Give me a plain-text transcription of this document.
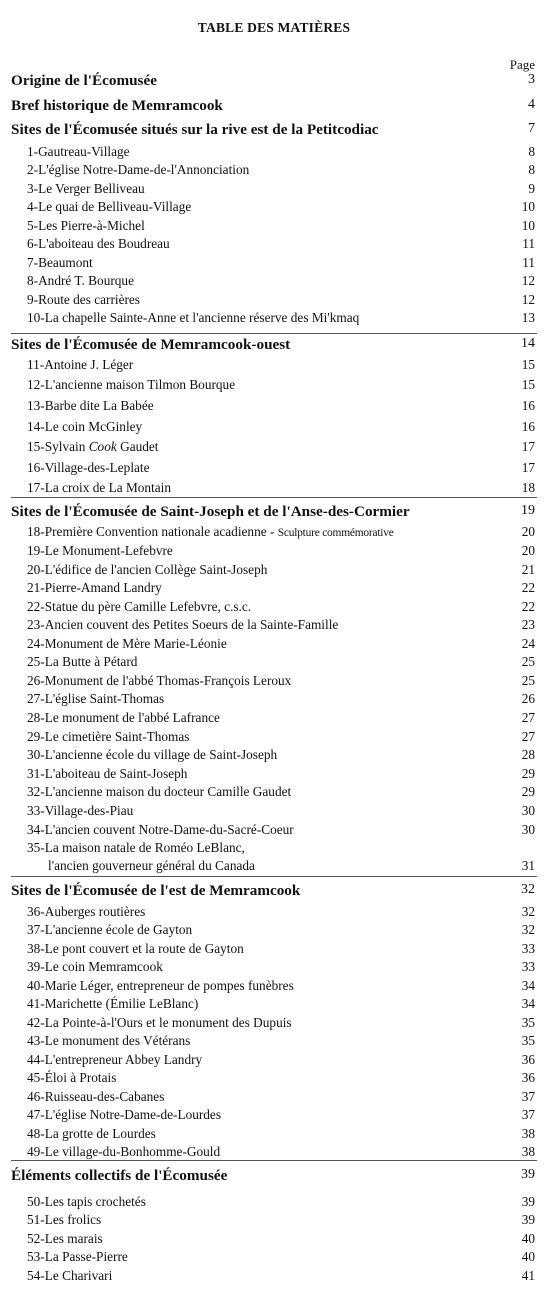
TABLE DES MATIÈRES
Page
Origine de l'Écomusée	3
Bref historique de Memramcook	4
Sites de l'Écomusée situés sur la rive est de la Petitcodiac	7
1-Gautreau-Village	8
2-L'église Notre-Dame-de-l'Annonciation	8
3-Le Verger Belliveau	9
4-Le quai de Belliveau-Village	10
5-Les Pierre-à-Michel	10
6-L'aboiteau des Boudreau	11
7-Beaumont	11
8-André T. Bourque	12
9-Route des carrières	12
10-La chapelle Sainte-Anne et l'ancienne réserve des Mi'kmaq	13
Sites de l'Écomusée de Memramcook-ouest	14
11-Antoine J. Léger	15
12-L'ancienne maison Tilmon Bourque	15
13-Barbe dite La Babée	16
14-Le coin McGinley	16
15-Sylvain Cook Gaudet	17
16-Village-des-Leplate	17
17-La croix de La Montain	18
Sites de l'Écomusée de Saint-Joseph et de l'Anse-des-Cormier	19
18-Première Convention nationale acadienne - Sculpture commémorative	20
19-Le Monument-Lefebvre	20
20-L'édifice de l'ancien Collège Saint-Joseph	21
21-Pierre-Amand Landry	22
22-Statue du père Camille Lefebvre, c.s.c.	22
23-Ancien couvent des Petites Soeurs de la Sainte-Famille	23
24-Monument de Mère Marie-Léonie	24
25-La Butte à Pétard	25
26-Monument de l'abbé Thomas-François Leroux	25
27-L'église Saint-Thomas	26
28-Le monument de l'abbé Lafrance	27
29-Le cimetière Saint-Thomas	27
30-L'ancienne école du village de Saint-Joseph	28
31-L'aboiteau de Saint-Joseph	29
32-L'ancienne maison du docteur Camille Gaudet	29
33-Village-des-Piau	30
34-L'ancien couvent Notre-Dame-du-Sacré-Coeur	30
35-La maison natale de Roméo LeBlanc,
l'ancien gouverneur général du Canada	31
Sites de l'Écomusée de l'est de Memramcook	32
36-Auberges routières	32
37-L'ancienne école de Gayton	32
38-Le pont couvert et la route de Gayton	33
39-Le coin Memramcook	33
40-Marie Léger, entrepreneur de pompes funèbres	34
41-Marichette (Émilie LeBlanc)	34
42-La Pointe-à-l'Ours et le monument des Dupuis	35
43-Le monument des Vétérans	35
44-L'entrepreneur Abbey Landry	36
45-Éloi à Protais	36
46-Ruisseau-des-Cabanes	37
47-L'église Notre-Dame-de-Lourdes	37
48-La grotte de Lourdes	38
49-Le village-du-Bonhomme-Gould	38
Éléments collectifs de l'Écomusée	39
50-Les tapis crochetés	39
51-Les frolics	39
52-Les marais	40
53-La Passe-Pierre	40
54-Le Charivari	41
